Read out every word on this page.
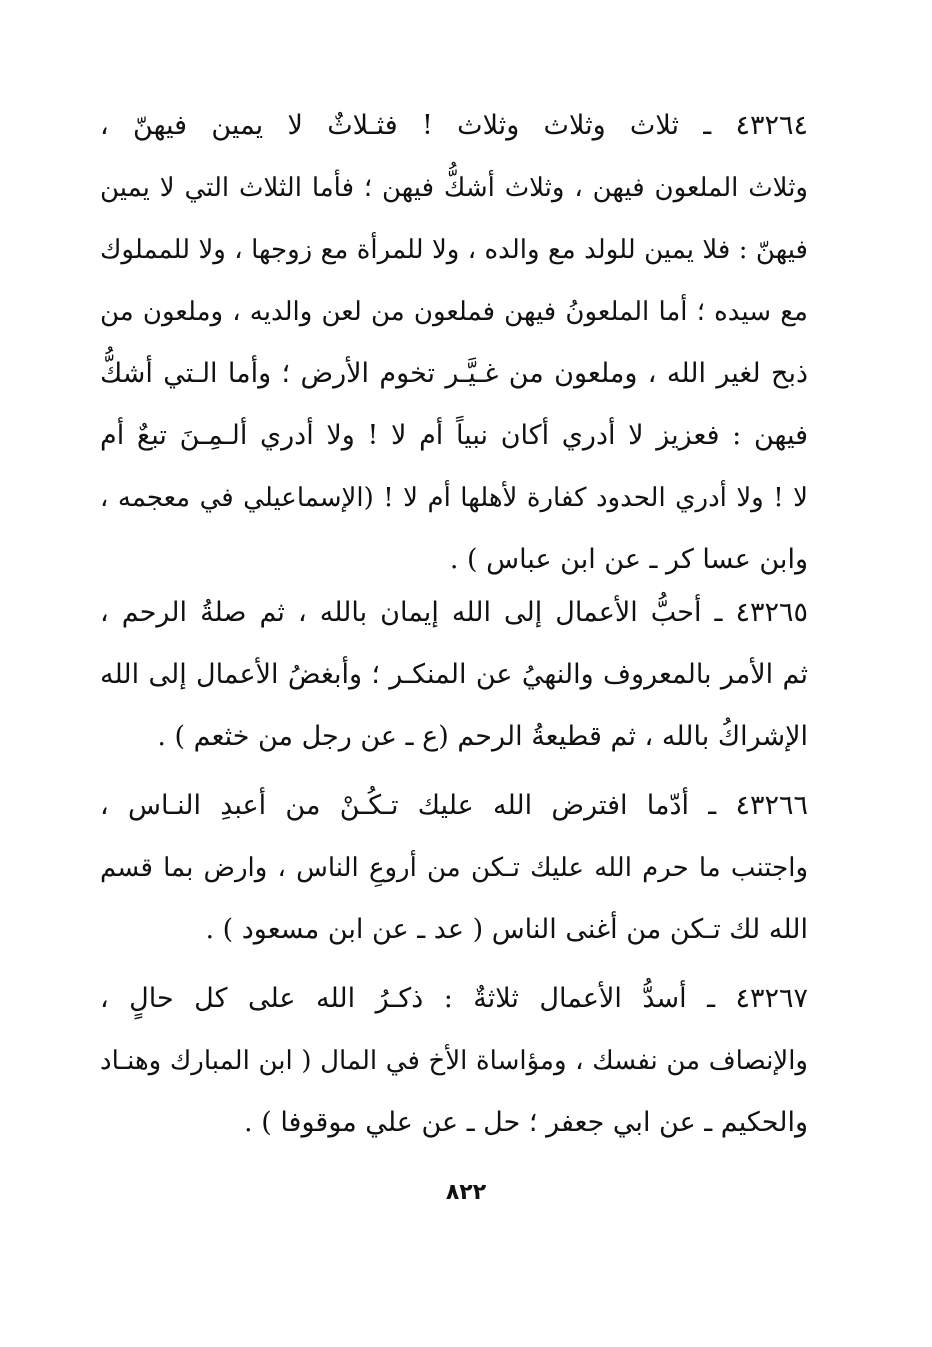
٤٣٢٦٤ ـ ثلاث وثلاث وثلاث ! فثـلاثٌ لا يمين فيهنّ ،
وثلاث الملعون فيهن ، وثلاث أشكُّ فيهن ؛ فأما الثلاث التي لا يمين
فيهنّ : فلا يمين للولد مع والده ، ولا للمرأة مع زوجها ، ولا للمملوك
مع سيده ؛ أما الملعونُ فيهن فملعون من لعن والديه ، وملعون من
ذبح لغير الله ، وملعون من غـيَّـر تخوم الأرض ؛ وأما الـتي أشكُّ
فيهن : فعزيز لا أدري أكان نبياً أم لا ! ولا أدري ألـمِـنَ تبعٌ أم
لا ! ولا أدري الحدود كفارة لأهلها أم لا ! (الإسماعيلي في معجمه ،
وابن عسا كر ـ عن ابن عباس ) .
٤٣٢٦٥ ـ أحبُّ الأعمال إلى الله إيمان بالله ، ثم صلةُ الرحم ،
ثم الأمر بالمعروف والنهيُ عن المنكـر ؛ وأبغضُ الأعمال إلى الله
الإشراكُ بالله ، ثم قطيعةُ الرحم (ع ـ عن رجل من خثعم ) .
٤٣٢٦٦ ـ أدّما افترض الله عليك تـكُـنْ من أعبدِ النـاس ،
واجتنب ما حرم الله عليك تـكن من أروعِ الناس ، وارض بما قسم
الله لك تـكن من أغنى الناس ( عد ـ عن ابن مسعود ) .
٤٣٢٦٧ ـ أسدُّ الأعمال ثلاثةٌ : ذكـرُ الله على كل حالٍ ،
والإنصاف من نفسك ، ومؤاساة الأخ في المال ( ابن المبارك وهنـاد
والحكيم ـ عن ابي جعفر ؛ حل ـ عن علي موقوفا ) .
٨٢٢
